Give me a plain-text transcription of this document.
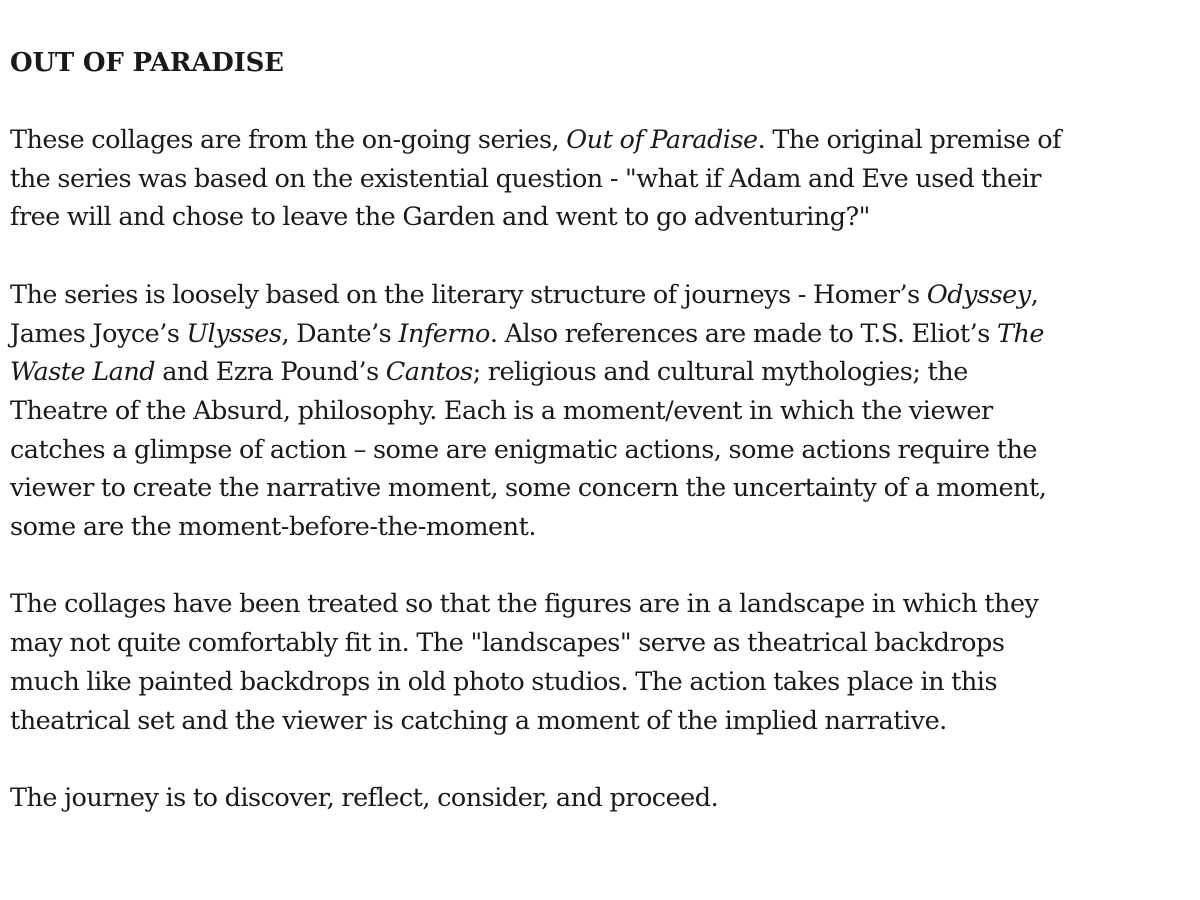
OUT OF PARADISE
These collages are from the on-going series, Out of Paradise. The original premise of
the series was based on the existential question - "what if Adam and Eve used their
free will and chose to leave the Garden and went to go adventuring?"
The series is loosely based on the literary structure of journeys - Homer’s Odyssey,
James Joyce’s Ulysses, Dante’s Inferno. Also references are made to T.S. Eliot’s The
Waste Land and Ezra Pound’s Cantos; religious and cultural mythologies; the
Theatre of the Absurd, philosophy. Each is a moment/event in which the viewer
catches a glimpse of action – some are enigmatic actions, some actions require the
viewer to create the narrative moment, some concern the uncertainty of a moment,
some are the moment-before-the-moment.
The collages have been treated so that the figures are in a landscape in which they
may not quite comfortably fit in. The "landscapes" serve as theatrical backdrops
much like painted backdrops in old photo studios. The action takes place in this
theatrical set and the viewer is catching a moment of the implied narrative.
The journey is to discover, reflect, consider, and proceed.
